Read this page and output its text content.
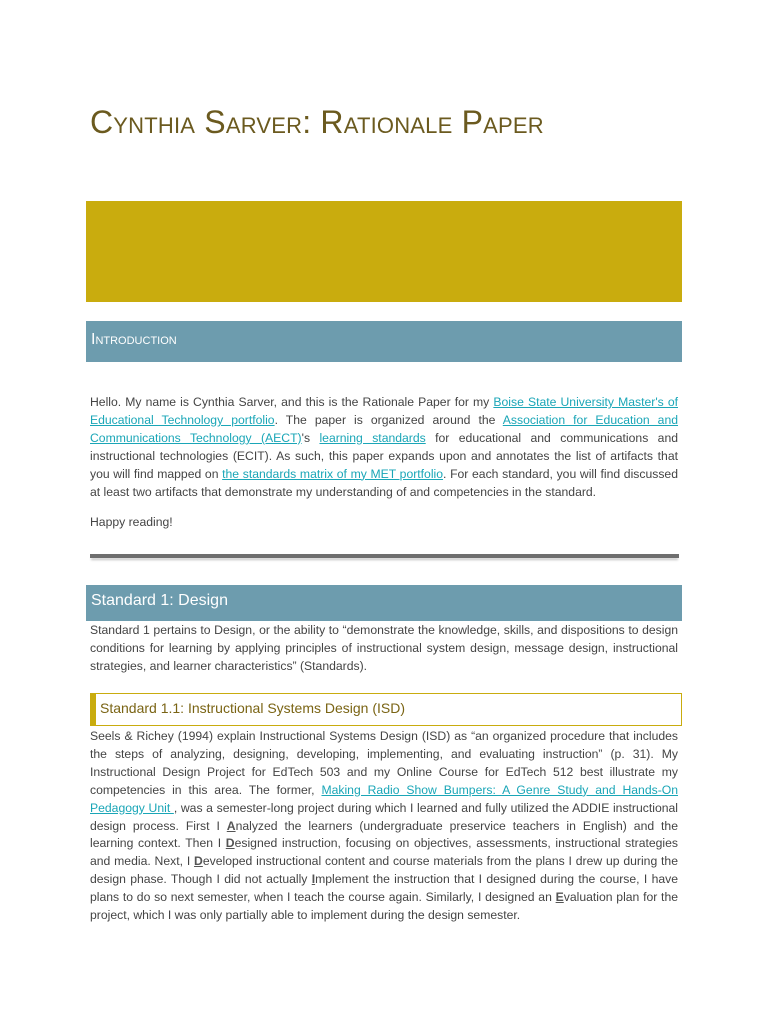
Cynthia Sarver: Rationale Paper
Introduction

Hello. My name is Cynthia Sarver, and this is the Rationale Paper for my Boise State University Master's of Educational Technology portfolio. The paper is organized around the Association for Education and Communications Technology (AECT)'s learning standards for educational and communications and instructional technologies (ECIT). As such, this paper expands upon and annotates the list of artifacts that you will find mapped on the standards matrix of my MET portfolio. For each standard, you will find discussed at least two artifacts that demonstrate my understanding of and competencies in the standard.

Happy reading!

Standard 1: Design

Standard 1 pertains to Design, or the ability to “demonstrate the knowledge, skills, and dispositions to design conditions for learning by applying principles of instructional system design, message design, instructional strategies, and learner characteristics” (Standards).

Standard 1.1: Instructional Systems Design (ISD)

Seels & Richey (1994) explain Instructional Systems Design (ISD) as “an organized procedure that includes the steps of analyzing, designing, developing, implementing, and evaluating instruction” (p. 31). My Instructional Design Project for EdTech 503 and my Online Course for EdTech 512 best illustrate my competencies in this area. The former, Making Radio Show Bumpers: A Genre Study and Hands-On Pedagogy Unit , was a semester-long project during which I learned and fully utilized the ADDIE instructional design process. First I Analyzed the learners (undergraduate preservice teachers in English) and the learning context. Then I Designed instruction, focusing on objectives, assessments, instructional strategies and media. Next, I Developed instructional content and course materials from the plans I drew up during the design phase. Though I did not actually Implement the instruction that I designed during the course, I have plans to do so next semester, when I teach the course again. Similarly, I designed an Evaluation plan for the project, which I was only partially able to implement during the design semester.
